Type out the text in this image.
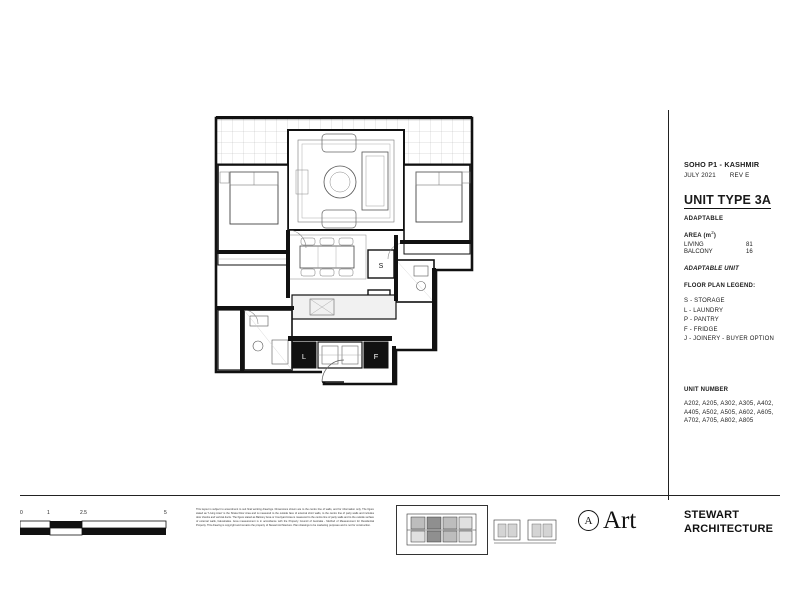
S
L	F
SOHO P1 - KASHMIR
JULY 2021 REV E
UNIT TYPE 3A
ADAPTABLE
AREA $(m^2)$
LIVING	81
BALCONY	16
ADAPTABLE UNIT
FLOOR PLAN LEGEND:
S - STORAGE
L - LAUNDRY
P - PANTRY
F - FRIDGE
J - JOINERY - BUYER OPTION
UNIT NUMBER
A202, A205, A302, A305, A402,
A405, A502, A505, A602, A605,
A702, A705, A802, A805
0	1	2.5	5
This layout is subject to amendment to suit final working drawings. Dimensions shown are to the centre line of walls, and for information only. The figure stated as "Living Area" is the Strata Floor Area and is measured to the outside face of external short walls, to the centre line of party walls and includes door checks and vertical ducts. The figure stated as Balcony Area or Courtyard Area is measured to the centre line of party walls and to the outside surface of external walls, balustrades. Area measurement is in accordance with the Property Council of Australia - Method of Measurement for Residential Property. This drawing is copyright and remains the property of Stewart Architecture. Plan drawings to be marketing purposes and is not for construction.	A Art	STEWART
ARCHITECTURE
